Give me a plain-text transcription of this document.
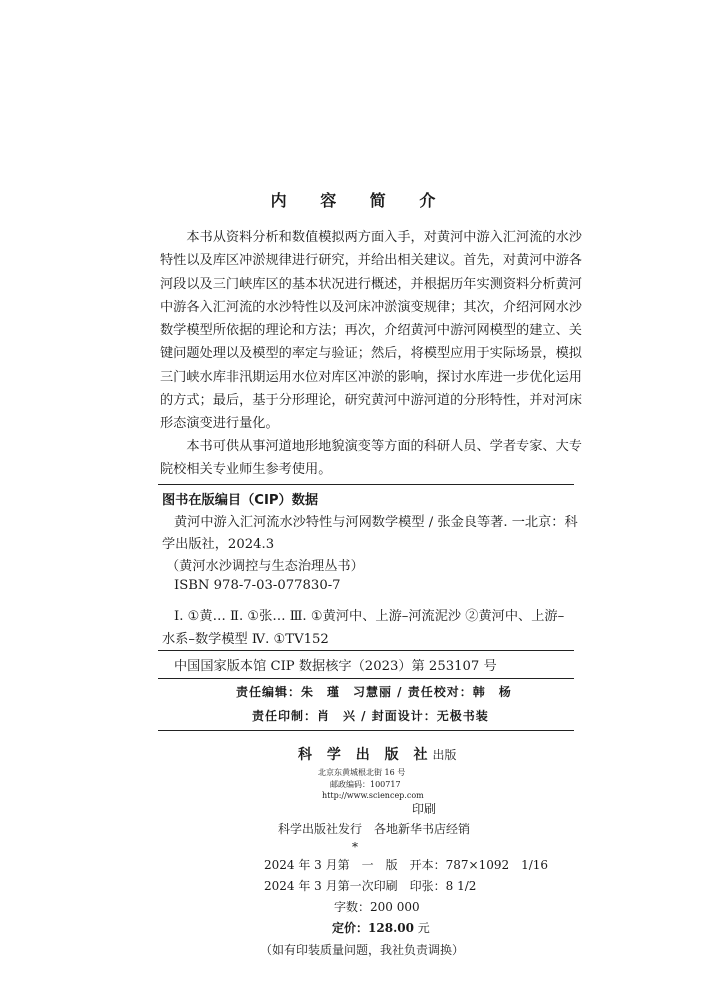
内 容 简 介
　　本书从资料分析和数值模拟两方面入手，对黄河中游入汇河流的水沙
特性以及库区冲淤规律进行研究，并给出相关建议。首先，对黄河中游各
河段以及三门峡库区的基本状况进行概述，并根据历年实测资料分析黄河
中游各入汇河流的水沙特性以及河床冲淤演变规律；其次，介绍河网水沙
数学模型所依据的理论和方法；再次，介绍黄河中游河网模型的建立、关
键问题处理以及模型的率定与验证；然后，将模型应用于实际场景，模拟
三门峡水库非汛期运用水位对库区冲淤的影响，探讨水库进一步优化运用
的方式；最后，基于分形理论，研究黄河中游河道的分形特性，并对河床
形态演变进行量化。
　　本书可供从事河道地形地貌演变等方面的科研人员、学者专家、大专
院校相关专业师生参考使用。
图书在版编目（CIP）数据
黄河中游入汇河流水沙特性与河网数学模型 / 张金良等著. 一北京：科
学出版社，2024.3
（黄河水沙调控与生态治理丛书）
ISBN 978-7-03-077830-7
Ⅰ. ①黄… Ⅱ. ①张… Ⅲ. ①黄河中、上游–河流泥沙 ②黄河中、上游–
水系–数学模型 Ⅳ. ①TV152
中国国家版本馆 CIP 数据核字（2023）第 253107 号
责任编辑：朱　瑾　习慧丽 / 责任校对：韩　杨
责任印制：肖　兴 / 封面设计：无极书装
科 学 出 版 社出版
北京东黄城根北街 16 号
邮政编码：100717
http://www.sciencep.com
印刷
科学出版社发行　各地新华书店经销
*
2024 年 3 月第　一　版　开本：787×1092　1/16
2024 年 3 月第一次印刷　印张：8 1/2
字数：200 000
定价：128.00 元
（如有印装质量问题，我社负责调换）
